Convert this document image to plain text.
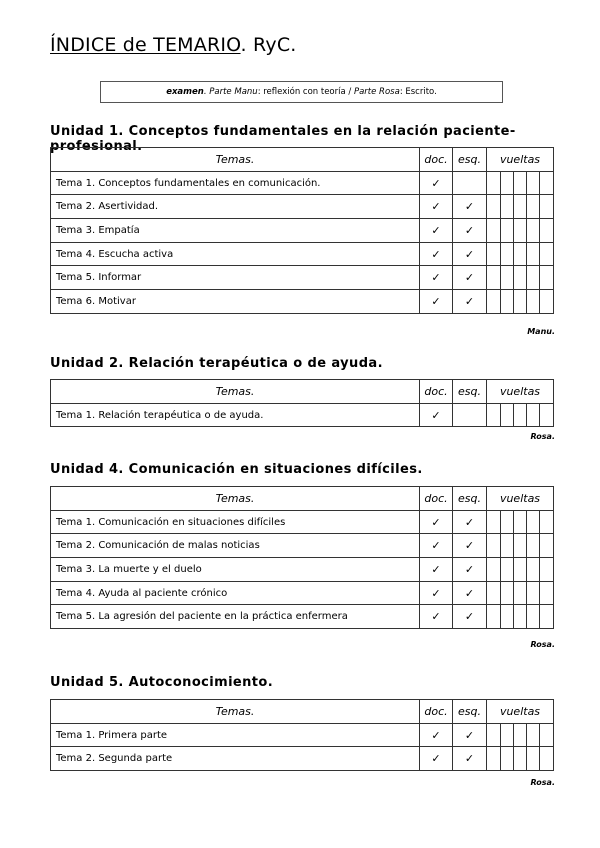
ÍNDICE de TEMARIO. RyC.
examen. Parte Manu: reflexión con teoría / Parte Rosa: Escrito.
Unidad 1. Conceptos fundamentales en la relación paciente-profesional.
Temas.	doc.	esq.	vueltas				
Tema 1. Conceptos fundamentales en comunicación.	✓						
Tema 2. Asertividad.	✓	✓					
Tema 3. Empatía	✓	✓					
Tema 4. Escucha activa	✓	✓					
Tema 5. Informar	✓	✓					
Tema 6. Motivar	✓	✓					
Manu.
Unidad 2. Relación terapéutica o de ayuda.
Temas.	doc.	esq.	vueltas				
Tema 1. Relación terapéutica o de ayuda.	✓						
Rosa.
Unidad 4. Comunicación en situaciones difíciles.
Temas.	doc.	esq.	vueltas				
Tema 1. Comunicación en situaciones difíciles	✓	✓					
Tema 2. Comunicación de malas noticias	✓	✓					
Tema 3. La muerte y el duelo	✓	✓					
Tema 4. Ayuda al paciente crónico	✓	✓					
Tema 5. La agresión del paciente en la práctica enfermera	✓	✓					
Rosa.
Unidad 5. Autoconocimiento.
Temas.	doc.	esq.	vueltas				
Tema 1. Primera parte	✓	✓					
Tema 2. Segunda parte	✓	✓					
Rosa.
